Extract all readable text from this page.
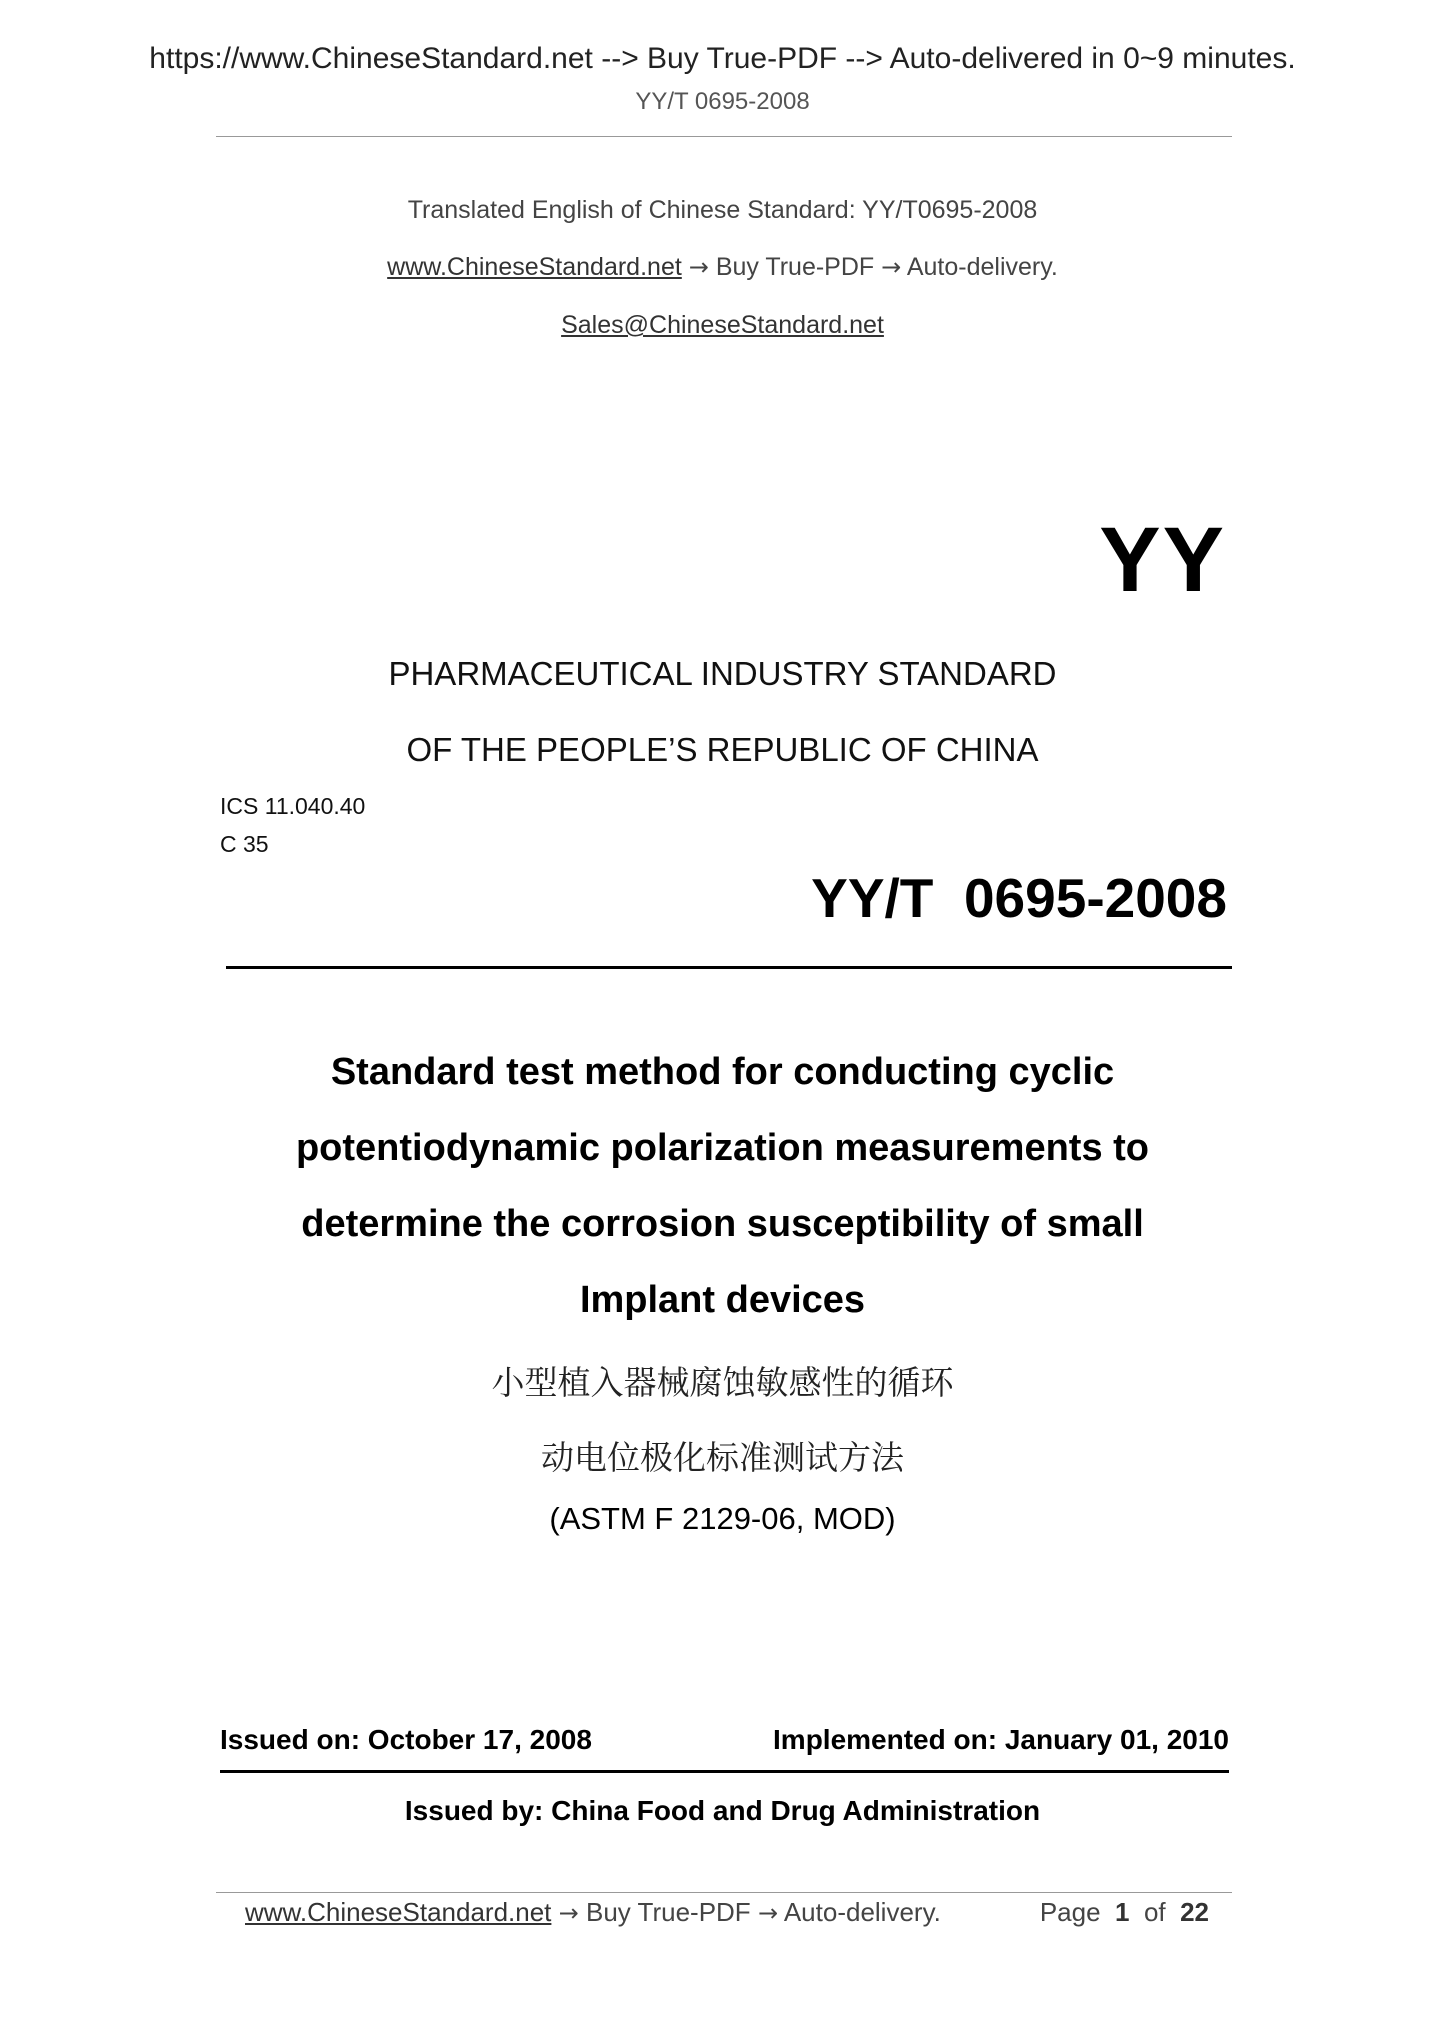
https://www.ChineseStandard.net --> Buy True-PDF --> Auto-delivered in 0~9 minutes.
YY/T 0695-2008
Translated English of Chinese Standard: YY/T0695-2008
www.ChineseStandard.net → Buy True-PDF → Auto-delivery.
Sales@ChineseStandard.net
YY
PHARMACEUTICAL INDUSTRY STANDARD
OF THE PEOPLE’S REPUBLIC OF CHINA
ICS 11.040.40
C 35
YY/T  0695-2008
Standard test method for conducting cyclic
potentiodynamic polarization measurements to
determine the corrosion susceptibility of small
Implant devices
小型植入器械腐蚀敏感性的循环
动电位极化标准测试方法
(ASTM F 2129-06, MOD)
Issued on: October 17, 2008	Implemented on: January 01, 2010
Issued by: China Food and Drug Administration
www.ChineseStandard.net → Buy True-PDF → Auto-delivery.	Page 1 of 22
